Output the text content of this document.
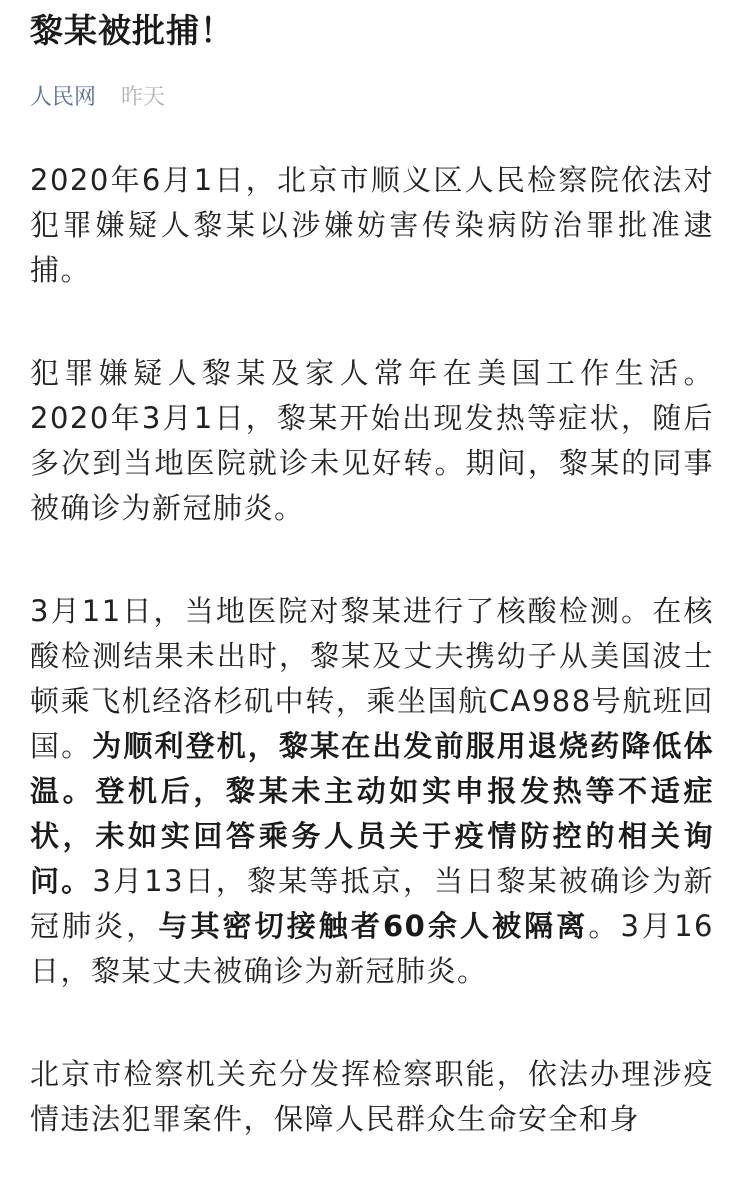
黎某被批捕！
人民网 昨天

2020年6月1日，北京市顺义区人民检察院依法对犯罪嫌疑人黎某以涉嫌妨害传染病防治罪批准逮捕。

犯罪嫌疑人黎某及家人常年在美国工作生活。2020年3月1日，黎某开始出现发热等症状，随后多次到当地医院就诊未见好转。期间，黎某的同事被确诊为新冠肺炎。

3月11日，当地医院对黎某进行了核酸检测。在核酸检测结果未出时，黎某及丈夫携幼子从美国波士顿乘飞机经洛杉矶中转，乘坐国航CA988号航班回国。为顺利登机，黎某在出发前服用退烧药降低体温。登机后，黎某未主动如实申报发热等不适症状，未如实回答乘务人员关于疫情防控的相关询问。3月13日，黎某等抵京，当日黎某被确诊为新冠肺炎，与其密切接触者60余人被隔离。3月16日，黎某丈夫被确诊为新冠肺炎。

北京市检察机关充分发挥检察职能，依法办理涉疫情违法犯罪案件，保障人民群众生命安全和身
